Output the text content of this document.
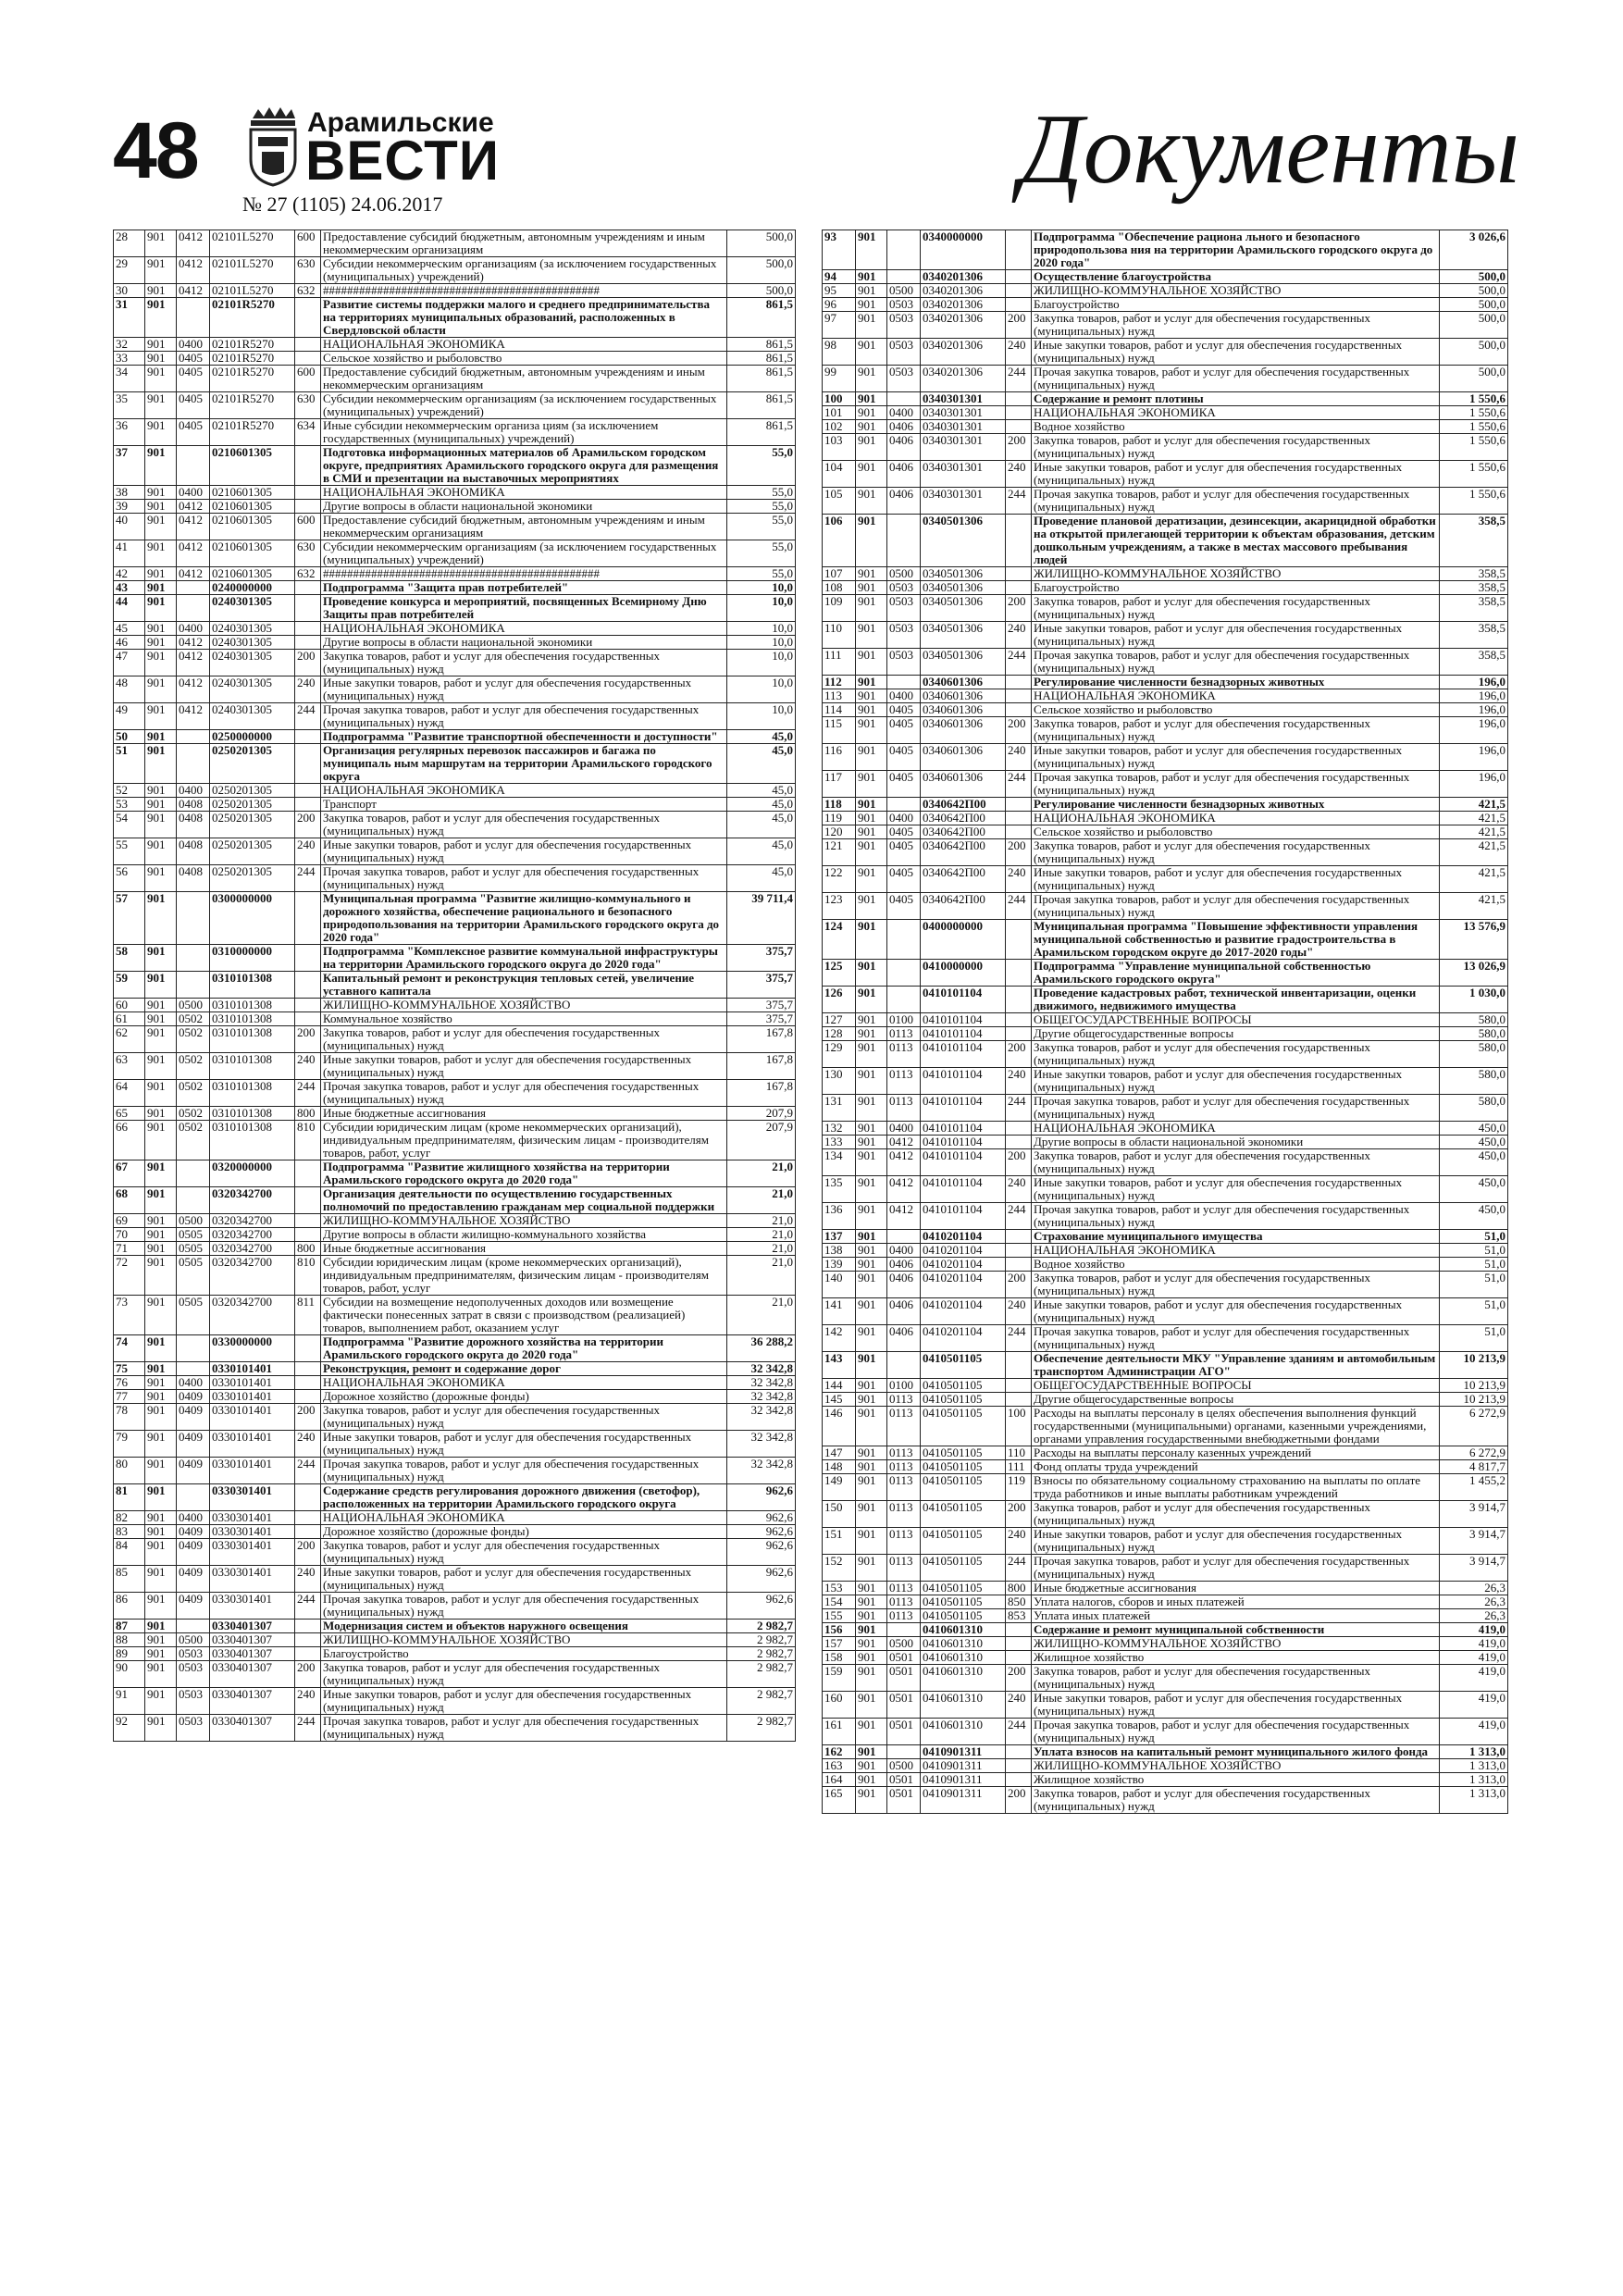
48	Арамильские
ВЕСТИ
№ 27 (1105) 24.06.2017	Документы
28	901	0412	02101L5270	600	Предоставление субсидий бюджетным, автономным учреждениям и иным некоммерческим организациям	500,0
29	901	0412	02101L5270	630	Субсидии некоммерческим организациям (за исключением государственных (муниципальных) учреждений)	500,0
30	901	0412	02101L5270	632	##############################################	500,0
31	901		02101R5270		Развитие системы поддержки малого и среднего предпринимательства на территориях муниципальных образований, расположенных в Свердловской области	861,5
32	901	0400	02101R5270		НАЦИОНАЛЬНАЯ ЭКОНОМИКА	861,5
33	901	0405	02101R5270		Сельское хозяйство и рыболовство	861,5
34	901	0405	02101R5270	600	Предоставление субсидий бюджетным, автономным учреждениям и иным некоммерческим организациям	861,5
35	901	0405	02101R5270	630	Субсидии некоммерческим организациям (за исключением государственных (муниципальных) учреждений)	861,5
36	901	0405	02101R5270	634	Иные субсидии некоммерческим организа циям (за исключением государственных (муниципальных) учреждений)	861,5
37	901		0210601305		Подготовка информационных материалов об Арамильском городском округе, предприятиях Арамильского городского округа для размещения в СМИ и презентации на выставочных мероприятиях	55,0
38	901	0400	0210601305		НАЦИОНАЛЬНАЯ ЭКОНОМИКА	55,0
39	901	0412	0210601305		Другие вопросы в области национальной экономики	55,0
40	901	0412	0210601305	600	Предоставление субсидий бюджетным, автономным учреждениям и иным некоммерческим организациям	55,0
41	901	0412	0210601305	630	Субсидии некоммерческим организациям (за исключением государственных (муниципальных) учреждений)	55,0
42	901	0412	0210601305	632	##############################################	55,0
43	901		0240000000		Подпрограмма "Защита прав потребителей"	10,0
44	901		0240301305		Проведение конкурса и мероприятий, посвященных Всемирному Дню Защиты прав потребителей	10,0
45	901	0400	0240301305		НАЦИОНАЛЬНАЯ ЭКОНОМИКА	10,0
46	901	0412	0240301305		Другие вопросы в области национальной экономики	10,0
47	901	0412	0240301305	200	Закупка товаров, работ и услуг для обеспечения государственных (муниципальных) нужд	10,0
48	901	0412	0240301305	240	Иные закупки товаров, работ и услуг для обеспечения государственных (муниципальных) нужд	10,0
49	901	0412	0240301305	244	Прочая закупка товаров, работ и услуг для обеспечения государственных (муниципальных) нужд	10,0
50	901		0250000000		Подпрограмма "Развитие транспортной обеспеченности и доступности"	45,0
51	901		0250201305		Организация регулярных перевозок пассажиров и багажа по муниципаль ным маршрутам на территории Арамильского городского округа	45,0
52	901	0400	0250201305		НАЦИОНАЛЬНАЯ ЭКОНОМИКА	45,0
53	901	0408	0250201305		Транспорт	45,0
54	901	0408	0250201305	200	Закупка товаров, работ и услуг для обеспечения государственных (муниципальных) нужд	45,0
55	901	0408	0250201305	240	Иные закупки товаров, работ и услуг для обеспечения государственных (муниципальных) нужд	45,0
56	901	0408	0250201305	244	Прочая закупка товаров, работ и услуг для обеспечения государственных (муниципальных) нужд	45,0
57	901		0300000000		Муниципальная программа "Развитие жилищно-коммунального и дорожного хозяйства, обеспечение рационального и безопасного природопользования на территории Арамильского городского округа до 2020 года"	39 711,4
58	901		0310000000		Подпрограмма "Комплексное развитие коммунальной инфраструктуры на территории Арамильского городского округа до 2020 года"	375,7
59	901		0310101308		Капитальный ремонт и реконструкция тепловых сетей, увеличение уставного капитала	375,7
60	901	0500	0310101308		ЖИЛИЩНО-КОММУНАЛЬНОЕ ХОЗЯЙСТВО	375,7
61	901	0502	0310101308		Коммунальное хозяйство	375,7
62	901	0502	0310101308	200	Закупка товаров, работ и услуг для обеспечения государственных (муниципальных) нужд	167,8
63	901	0502	0310101308	240	Иные закупки товаров, работ и услуг для обеспечения государственных (муниципальных) нужд	167,8
64	901	0502	0310101308	244	Прочая закупка товаров, работ и услуг для обеспечения государственных (муниципальных) нужд	167,8
65	901	0502	0310101308	800	Иные бюджетные ассигнования	207,9
66	901	0502	0310101308	810	Субсидии юридическим лицам (кроме некоммерческих организаций), индивидуальным предпринимателям, физическим лицам - производителям товаров, работ, услуг	207,9
67	901		0320000000		Подпрограмма "Развитие жилищного хозяйства на территории Арамильского городского округа до 2020 года"	21,0
68	901		0320342700		Организация деятельности по осуществлению государственных полномочий по предоставлению гражданам мер социальной поддержки	21,0
69	901	0500	0320342700		ЖИЛИЩНО-КОММУНАЛЬНОЕ ХОЗЯЙСТВО	21,0
70	901	0505	0320342700		Другие вопросы в области жилищно-коммунального хозяйства	21,0
71	901	0505	0320342700	800	Иные бюджетные ассигнования	21,0
72	901	0505	0320342700	810	Субсидии юридическим лицам (кроме некоммерческих организаций), индивидуальным предпринимателям, физическим лицам - производителям товаров, работ, услуг	21,0
73	901	0505	0320342700	811	Субсидии на возмещение недополученных доходов или возмещение фактически понесенных затрат в связи с производством (реализацией) товаров, выполнением работ, оказанием услуг	21,0
74	901		0330000000		Подпрограмма "Развитие дорожного хозяйства на территории Арамильского городского округа до 2020 года"	36 288,2
75	901		0330101401		Реконструкция, ремонт и содержание дорог	32 342,8
76	901	0400	0330101401		НАЦИОНАЛЬНАЯ ЭКОНОМИКА	32 342,8
77	901	0409	0330101401		Дорожное хозяйство (дорожные фонды)	32 342,8
78	901	0409	0330101401	200	Закупка товаров, работ и услуг для обеспечения государственных (муниципальных) нужд	32 342,8
79	901	0409	0330101401	240	Иные закупки товаров, работ и услуг для обеспечения государственных (муниципальных) нужд	32 342,8
80	901	0409	0330101401	244	Прочая закупка товаров, работ и услуг для обеспечения государственных (муниципальных) нужд	32 342,8
81	901		0330301401		Содержание средств регулирования дорожного движения (светофор), расположенных на территории Арамильского городского округа	962,6
82	901	0400	0330301401		НАЦИОНАЛЬНАЯ ЭКОНОМИКА	962,6
83	901	0409	0330301401		Дорожное хозяйство (дорожные фонды)	962,6
84	901	0409	0330301401	200	Закупка товаров, работ и услуг для обеспечения государственных (муниципальных) нужд	962,6
85	901	0409	0330301401	240	Иные закупки товаров, работ и услуг для обеспечения государственных (муниципальных) нужд	962,6
86	901	0409	0330301401	244	Прочая закупка товаров, работ и услуг для обеспечения государственных (муниципальных) нужд	962,6
87	901		0330401307		Модернизация систем и объектов наружного освещения	2 982,7
88	901	0500	0330401307		ЖИЛИЩНО-КОММУНАЛЬНОЕ ХОЗЯЙСТВО	2 982,7
89	901	0503	0330401307		Благоустройство	2 982,7
90	901	0503	0330401307	200	Закупка товаров, работ и услуг для обеспечения государственных (муниципальных) нужд	2 982,7
91	901	0503	0330401307	240	Иные закупки товаров, работ и услуг для обеспечения государственных (муниципальных) нужд	2 982,7
92	901	0503	0330401307	244	Прочая закупка товаров, работ и услуг для обеспечения государственных (муниципальных) нужд	2 982,7
93	901		0340000000		Подпрограмма "Обеспечение рациона льного и безопасного природопользова ния на территории Арамильского городского округа до 2020 года"	3 026,6
94	901		0340201306		Осуществление благоустройства	500,0
95	901	0500	0340201306		ЖИЛИЩНО-КОММУНАЛЬНОЕ ХОЗЯЙСТВО	500,0
96	901	0503	0340201306		Благоустройство	500,0
97	901	0503	0340201306	200	Закупка товаров, работ и услуг для обеспечения государственных (муниципальных) нужд	500,0
98	901	0503	0340201306	240	Иные закупки товаров, работ и услуг для обеспечения государственных (муниципальных) нужд	500,0
99	901	0503	0340201306	244	Прочая закупка товаров, работ и услуг для обеспечения государственных (муниципальных) нужд	500,0
100	901		0340301301		Содержание и ремонт плотины	1 550,6
101	901	0400	0340301301		НАЦИОНАЛЬНАЯ ЭКОНОМИКА	1 550,6
102	901	0406	0340301301		Водное хозяйство	1 550,6
103	901	0406	0340301301	200	Закупка товаров, работ и услуг для обеспечения государственных (муниципальных) нужд	1 550,6
104	901	0406	0340301301	240	Иные закупки товаров, работ и услуг для обеспечения государственных (муниципальных) нужд	1 550,6
105	901	0406	0340301301	244	Прочая закупка товаров, работ и услуг для обеспечения государственных (муниципальных) нужд	1 550,6
106	901		0340501306		Проведение плановой дератизации, дезинсекции, акарицидной обработки на открытой прилегающей территории к объектам образования, детским дошкольным учреждениям, а также в местах массового пребывания людей	358,5
107	901	0500	0340501306		ЖИЛИЩНО-КОММУНАЛЬНОЕ ХОЗЯЙСТВО	358,5
108	901	0503	0340501306		Благоустройство	358,5
109	901	0503	0340501306	200	Закупка товаров, работ и услуг для обеспечения государственных (муниципальных) нужд	358,5
110	901	0503	0340501306	240	Иные закупки товаров, работ и услуг для обеспечения государственных (муниципальных) нужд	358,5
111	901	0503	0340501306	244	Прочая закупка товаров, работ и услуг для обеспечения государственных (муниципальных) нужд	358,5
112	901		0340601306		Регулирование численности безнадзорных животных	196,0
113	901	0400	0340601306		НАЦИОНАЛЬНАЯ ЭКОНОМИКА	196,0
114	901	0405	0340601306		Сельское хозяйство и рыболовство	196,0
115	901	0405	0340601306	200	Закупка товаров, работ и услуг для обеспечения государственных (муниципальных) нужд	196,0
116	901	0405	0340601306	240	Иные закупки товаров, работ и услуг для обеспечения государственных (муниципальных) нужд	196,0
117	901	0405	0340601306	244	Прочая закупка товаров, работ и услуг для обеспечения государственных (муниципальных) нужд	196,0
118	901		0340642П00		Регулирование численности безнадзорных животных	421,5
119	901	0400	0340642П00		НАЦИОНАЛЬНАЯ ЭКОНОМИКА	421,5
120	901	0405	0340642П00		Сельское хозяйство и рыболовство	421,5
121	901	0405	0340642П00	200	Закупка товаров, работ и услуг для обеспечения государственных (муниципальных) нужд	421,5
122	901	0405	0340642П00	240	Иные закупки товаров, работ и услуг для обеспечения государственных (муниципальных) нужд	421,5
123	901	0405	0340642П00	244	Прочая закупка товаров, работ и услуг для обеспечения государственных (муниципальных) нужд	421,5
124	901		0400000000		Муниципальная программа "Повышение эффективности управления муниципальной собственностью и развитие градостроительства в Арамильском городском округе до 2017-2020 годы"	13 576,9
125	901		0410000000		Подпрограмма "Управление муниципальной собственностью Арамильского городского округа"	13 026,9
126	901		0410101104		Проведение кадастровых работ, технической инвентаризации, оценки движимого, недвижимого имущества	1 030,0
127	901	0100	0410101104		ОБЩЕГОСУДАРСТВЕННЫЕ ВОПРОСЫ	580,0
128	901	0113	0410101104		Другие общегосударственные вопросы	580,0
129	901	0113	0410101104	200	Закупка товаров, работ и услуг для обеспечения государственных (муниципальных) нужд	580,0
130	901	0113	0410101104	240	Иные закупки товаров, работ и услуг для обеспечения государственных (муниципальных) нужд	580,0
131	901	0113	0410101104	244	Прочая закупка товаров, работ и услуг для обеспечения государственных (муниципальных) нужд	580,0
132	901	0400	0410101104		НАЦИОНАЛЬНАЯ ЭКОНОМИКА	450,0
133	901	0412	0410101104		Другие вопросы в области национальной экономики	450,0
134	901	0412	0410101104	200	Закупка товаров, работ и услуг для обеспечения государственных (муниципальных) нужд	450,0
135	901	0412	0410101104	240	Иные закупки товаров, работ и услуг для обеспечения государственных (муниципальных) нужд	450,0
136	901	0412	0410101104	244	Прочая закупка товаров, работ и услуг для обеспечения государственных (муниципальных) нужд	450,0
137	901		0410201104		Страхование муниципального имущества	51,0
138	901	0400	0410201104		НАЦИОНАЛЬНАЯ ЭКОНОМИКА	51,0
139	901	0406	0410201104		Водное хозяйство	51,0
140	901	0406	0410201104	200	Закупка товаров, работ и услуг для обеспечения государственных (муниципальных) нужд	51,0
141	901	0406	0410201104	240	Иные закупки товаров, работ и услуг для обеспечения государственных (муниципальных) нужд	51,0
142	901	0406	0410201104	244	Прочая закупка товаров, работ и услуг для обеспечения государственных (муниципальных) нужд	51,0
143	901		0410501105		Обеспечение деятельности МКУ "Управление зданиям и автомобильным транспортом Администрации АГО"	10 213,9
144	901	0100	0410501105		ОБЩЕГОСУДАРСТВЕННЫЕ ВОПРОСЫ	10 213,9
145	901	0113	0410501105		Другие общегосударственные вопросы	10 213,9
146	901	0113	0410501105	100	Расходы на выплаты персоналу в целях обеспечения выполнения функций государственными (муниципальными) органами, казенными учреждениями, органами управления государственными внебюджетными фондами	6 272,9
147	901	0113	0410501105	110	Расходы на выплаты персоналу казенных учреждений	6 272,9
148	901	0113	0410501105	111	Фонд оплаты труда учреждений	4 817,7
149	901	0113	0410501105	119	Взносы по обязательному социальному страхованию на выплаты по оплате труда работников и иные выплаты работникам учреждений	1 455,2
150	901	0113	0410501105	200	Закупка товаров, работ и услуг для обеспечения государственных (муниципальных) нужд	3 914,7
151	901	0113	0410501105	240	Иные закупки товаров, работ и услуг для обеспечения государственных (муниципальных) нужд	3 914,7
152	901	0113	0410501105	244	Прочая закупка товаров, работ и услуг для обеспечения государственных (муниципальных) нужд	3 914,7
153	901	0113	0410501105	800	Иные бюджетные ассигнования	26,3
154	901	0113	0410501105	850	Уплата налогов, сборов и иных платежей	26,3
155	901	0113	0410501105	853	Уплата иных платежей	26,3
156	901		0410601310		Содержание и ремонт муниципальной собственности	419,0
157	901	0500	0410601310		ЖИЛИЩНО-КОММУНАЛЬНОЕ ХОЗЯЙСТВО	419,0
158	901	0501	0410601310		Жилищное хозяйство	419,0
159	901	0501	0410601310	200	Закупка товаров, работ и услуг для обеспечения государственных (муниципальных) нужд	419,0
160	901	0501	0410601310	240	Иные закупки товаров, работ и услуг для обеспечения государственных (муниципальных) нужд	419,0
161	901	0501	0410601310	244	Прочая закупка товаров, работ и услуг для обеспечения государственных (муниципальных) нужд	419,0
162	901		0410901311		Уплата взносов на капитальный ремонт муниципального жилого фонда	1 313,0
163	901	0500	0410901311		ЖИЛИЩНО-КОММУНАЛЬНОЕ ХОЗЯЙСТВО	1 313,0
164	901	0501	0410901311		Жилищное хозяйство	1 313,0
165	901	0501	0410901311	200	Закупка товаров, работ и услуг для обеспечения государственных (муниципальных) нужд	1 313,0
